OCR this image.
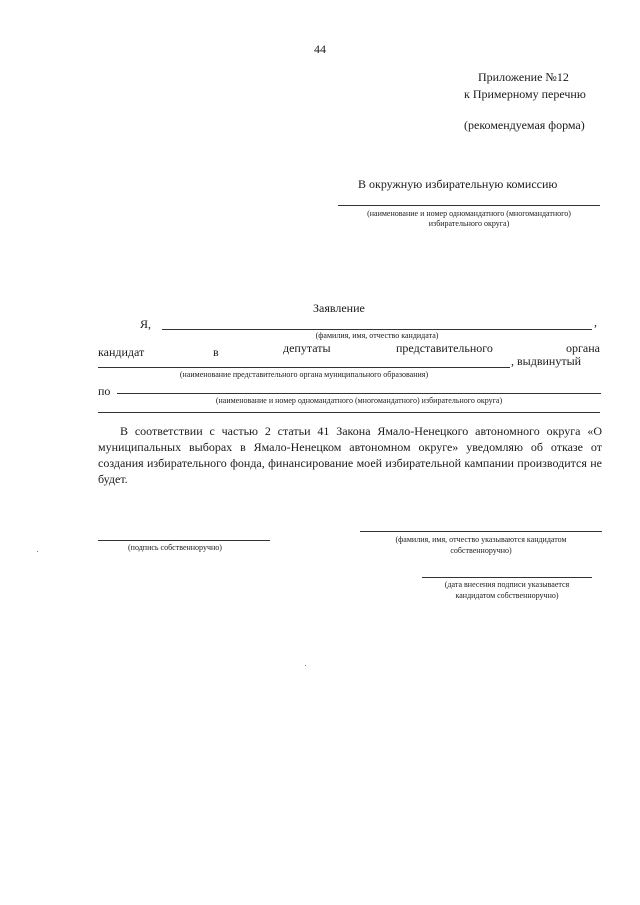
44
Приложение №12
к Примерному перечню
(рекомендуемая форма)
В окружную избирательную комиссию
(наименование и номер одномандатного (многомандатного)
избирательного округа)
Заявление
Я,	,
(фамилия, имя, отчество кандидата)
кандидат	в	депутаты	представительного	органа
, выдвинутый
(наименование представительного органа муниципального образования)
по
(наименование и номер одномандатного (многомандатного) избирательного округа)
В соответствии с частью 2 статьи 41 Закона Ямало-Ненецкого автономного округа «О муниципальных выборах в Ямало-Ненецком автономном округе» уведомляю об отказе от создания избирательного фонда, финансирование моей избирательной кампании производится не будет.
(подпись собственноручно)
(фамилия, имя, отчество указываются кандидатом
собственноручно)
(дата внесения подписи указывается
кандидатом собственноручно)
